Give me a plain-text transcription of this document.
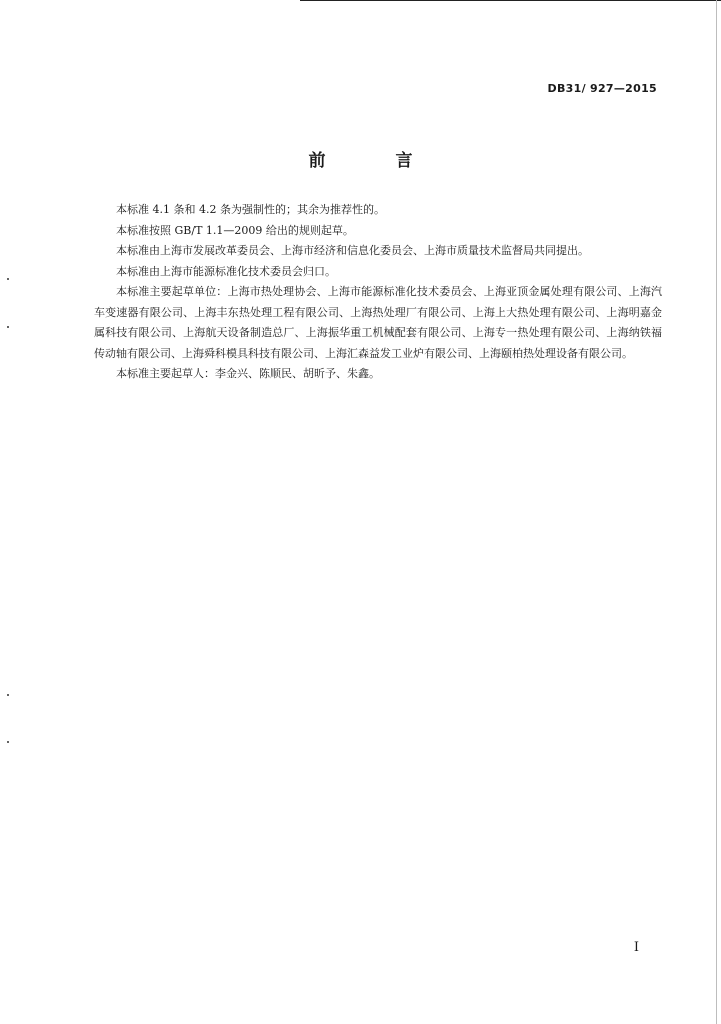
DB31/ 927—2015
前 言

本标准 4.1 条和 4.2 条为强制性的；其余为推荐性的。

本标准按照 GB/T 1.1—2009 给出的规则起草。

本标准由上海市发展改革委员会、上海市经济和信息化委员会、上海市质量技术监督局共同提出。

本标准由上海市能源标准化技术委员会归口。

本标准主要起草单位：上海市热处理协会、上海市能源标准化技术委员会、上海亚顶金属处理有限公司、上海汽车变速器有限公司、上海丰东热处理工程有限公司、上海热处理厂有限公司、上海上大热处理有限公司、上海明嘉金属科技有限公司、上海航天设备制造总厂、上海振华重工机械配套有限公司、上海专一热处理有限公司、上海纳铁福传动轴有限公司、上海舜科模具科技有限公司、上海汇森益发工业炉有限公司、上海颐柏热处理设备有限公司。

本标准主要起草人：李金兴、陈顺民、胡昕予、朱鑫。

I
